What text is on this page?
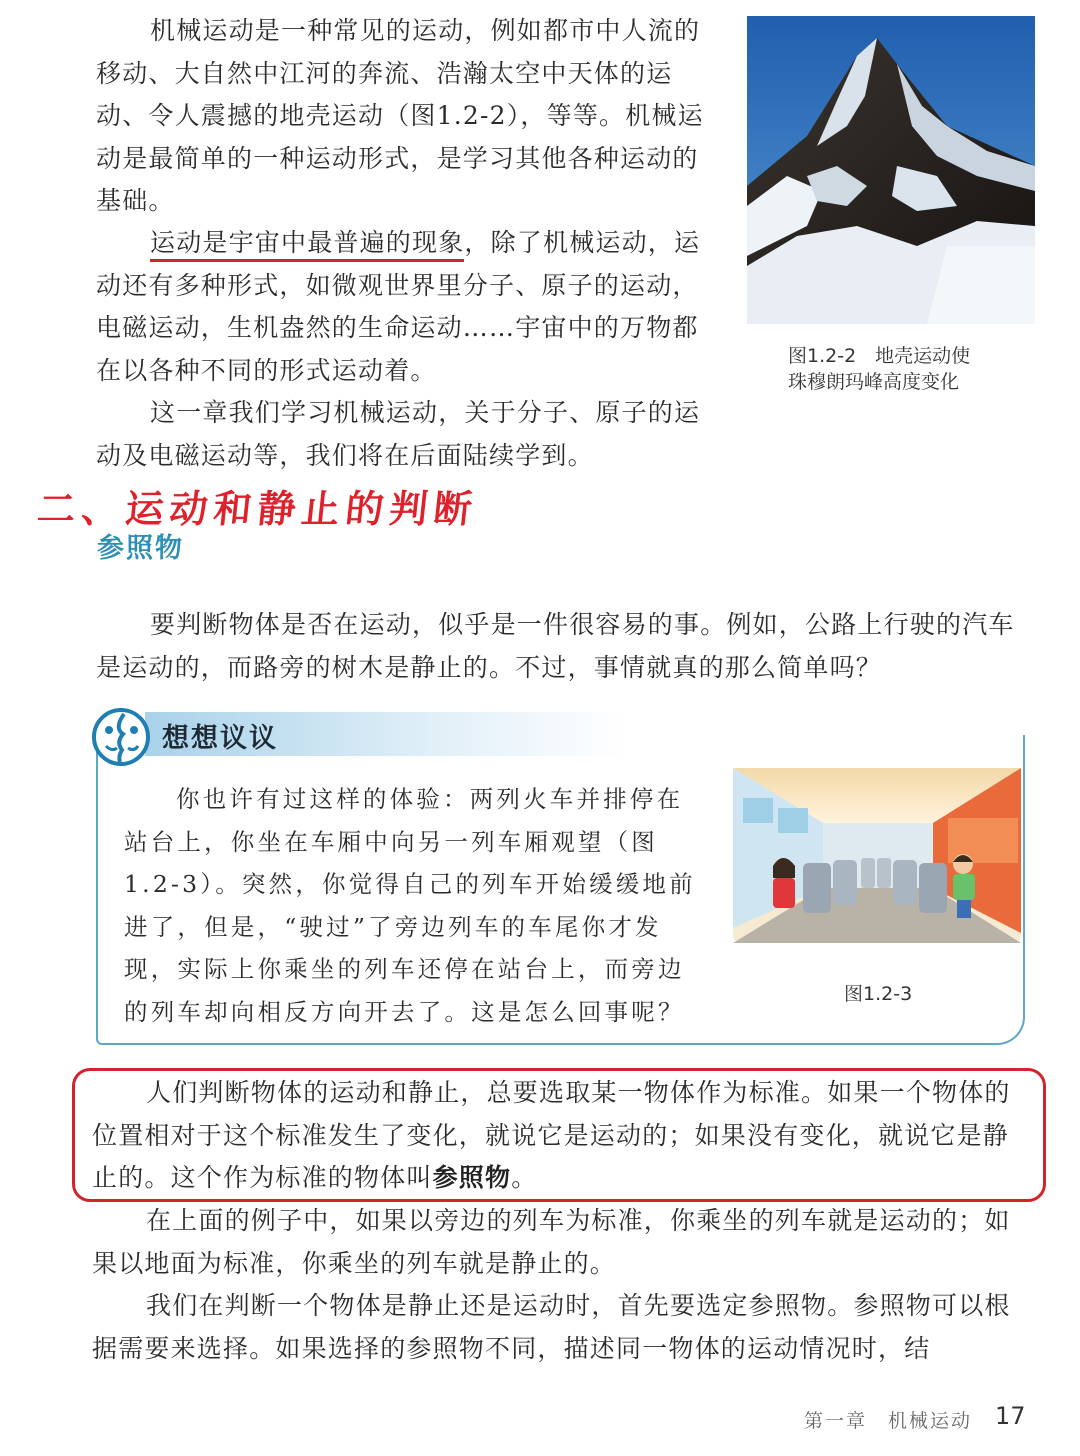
机械运动是一种常见的运动，例如都市中人流的移动、大自然中江河的奔流、浩瀚太空中天体的运动、令人震撼的地壳运动（图1.2-2），等等。机械运动是最简单的一种运动形式，是学习其他各种运动的基础。

运动是宇宙中最普遍的现象，除了机械运动，运动还有多种形式，如微观世界里分子、原子的运动，电磁运动，生机盎然的生命运动……宇宙中的万物都在以各种不同的形式运动着。

这一章我们学习机械运动，关于分子、原子的运动及电磁运动等，我们将在后面陆续学到。

图1.2-2　地壳运动使
珠穆朗玛峰高度变化
二、运动和静止的判断
参照物

要判断物体是否在运动，似乎是一件很容易的事。例如，公路上行驶的汽车是运动的，而路旁的树木是静止的。不过，事情就真的那么简单吗？

想想议议

你也许有过这样的体验：两列火车并排停在站台上，你坐在车厢中向另一列车厢观望（图1.2-3）。突然，你觉得自己的列车开始缓缓地前进了，但是，“驶过”了旁边列车的车尾你才发现，实际上你乘坐的列车还停在站台上，而旁边的列车却向相反方向开去了。这是怎么回事呢？

图1.2-3

人们判断物体的运动和静止，总要选取某一物体作为标准。如果一个物体的位置相对于这个标准发生了变化，就说它是运动的；如果没有变化，就说它是静止的。这个作为标准的物体叫参照物。

在上面的例子中，如果以旁边的列车为标准，你乘坐的列车就是运动的；如果以地面为标准，你乘坐的列车就是静止的。

我们在判断一个物体是静止还是运动时，首先要选定参照物。参照物可以根据需要来选择。如果选择的参照物不同，描述同一物体的运动情况时，结

第一章　机械运动 17
